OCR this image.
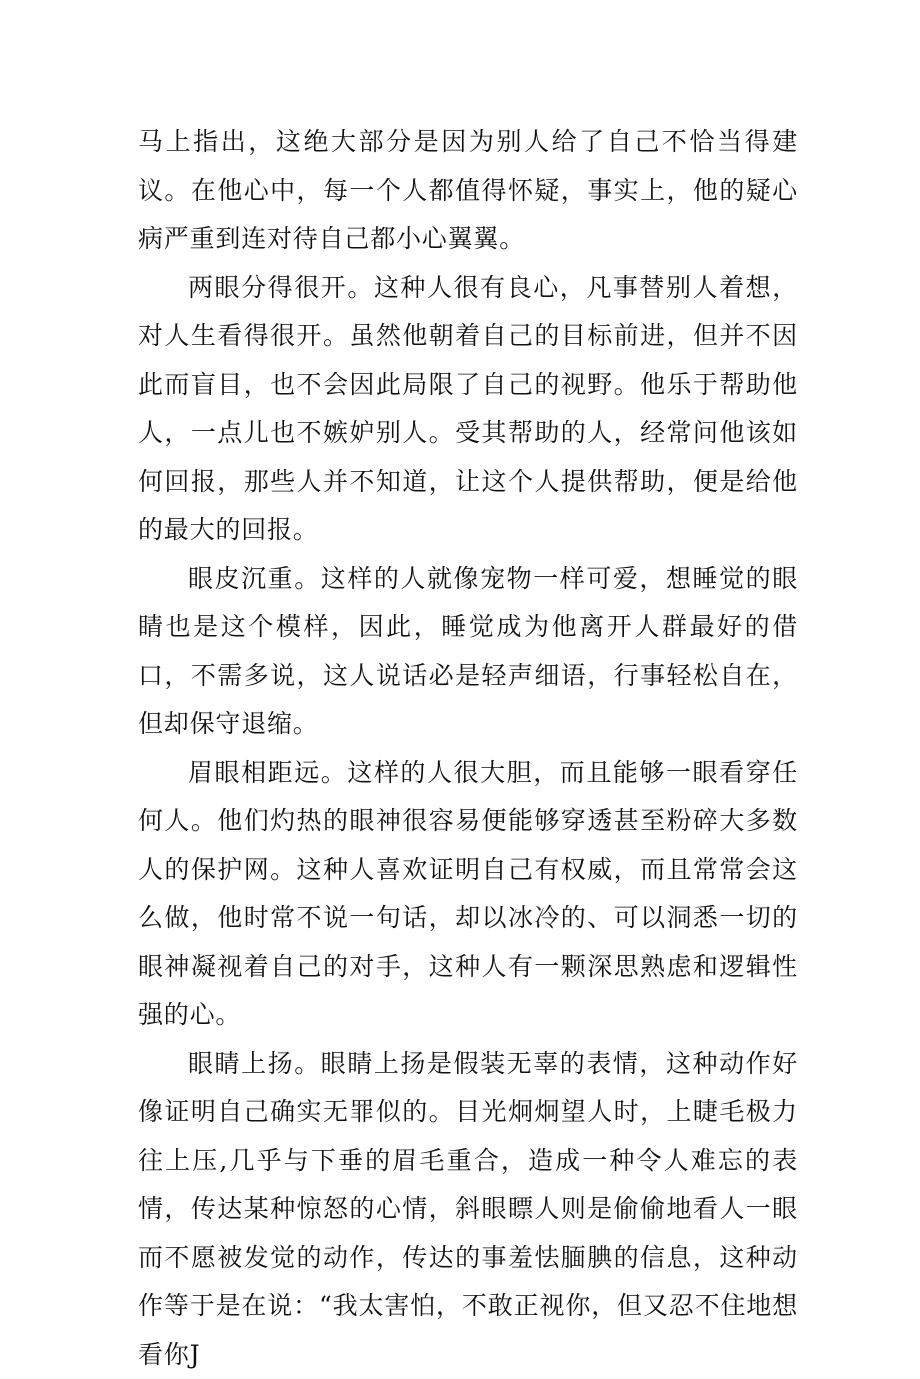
马上指出，这绝大部分是因为别人给了自己不恰当得建议。在他心中，每一个人都值得怀疑，事实上，他的疑心病严重到连对待自己都小心翼翼。

两眼分得很开。这种人很有良心，凡事替别人着想，对人生看得很开。虽然他朝着自己的目标前进，但并不因此而盲目，也不会因此局限了自己的视野。他乐于帮助他人，一点儿也不嫉妒别人。受其帮助的人，经常问他该如何回报，那些人并不知道，让这个人提供帮助，便是给他的最大的回报。

眼皮沉重。这样的人就像宠物一样可爱，想睡觉的眼睛也是这个模样，因此，睡觉成为他离开人群最好的借口，不需多说，这人说话必是轻声细语，行事轻松自在，但却保守退缩。

眉眼相距远。这样的人很大胆，而且能够一眼看穿任何人。他们灼热的眼神很容易便能够穿透甚至粉碎大多数人的保护网。这种人喜欢证明自己有权威，而且常常会这么做，他时常不说一句话，却以冰冷的、可以洞悉一切的眼神凝视着自己的对手，这种人有一颗深思熟虑和逻辑性强的心。

眼睛上扬。眼睛上扬是假装无辜的表情，这种动作好像证明自己确实无罪似的。目光炯炯望人时，上睫毛极力往上压,几乎与下垂的眉毛重合，造成一种令人难忘的表情，传达某种惊怒的心情，斜眼瞟人则是偷偷地看人一眼而不愿被发觉的动作，传达的事羞怯腼腆的信息，这种动作等于是在说：“我太害怕，不敢正视你，但又忍不住地想看你J
